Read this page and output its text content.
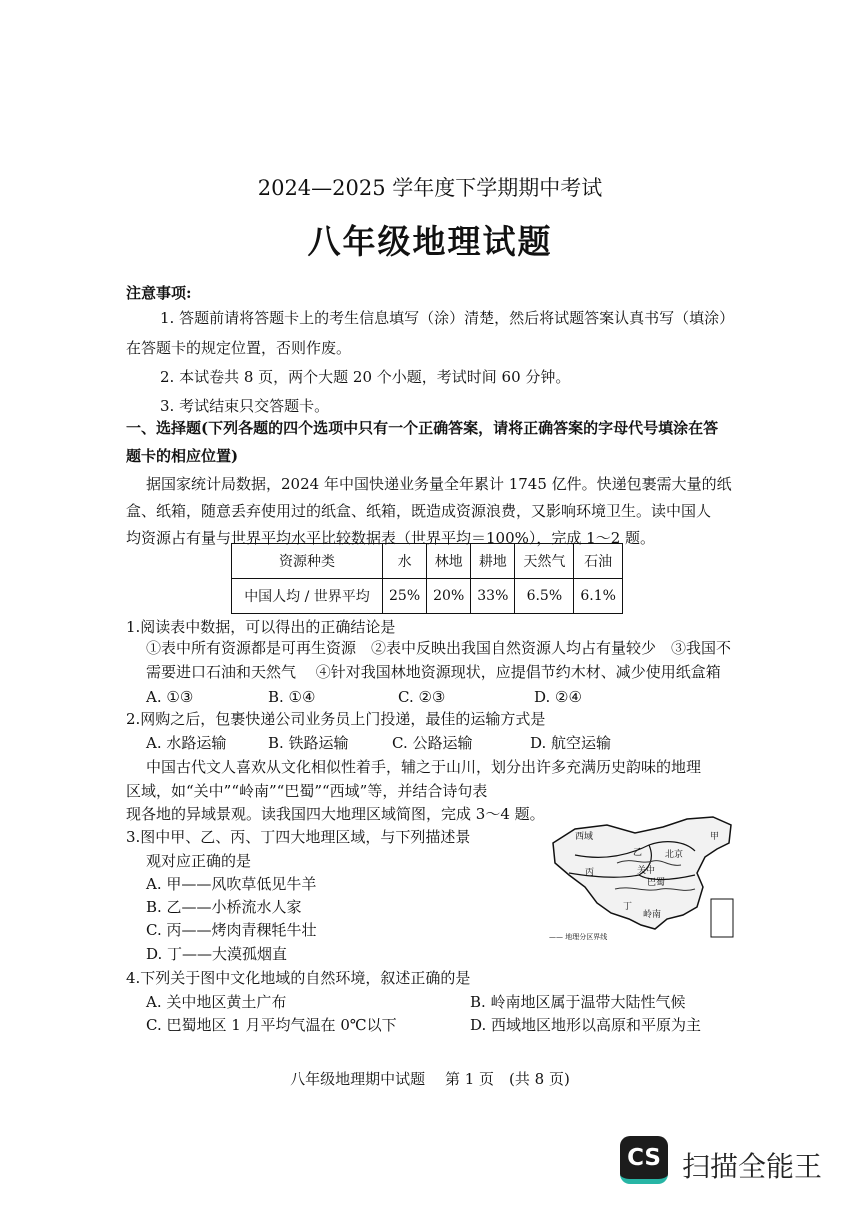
2024—2025 学年度下学期期中考试
八年级地理试题
注意事项:
1. 答题前请将答题卡上的考生信息填写（涂）清楚，然后将试题答案认真书写（填涂）
在答题卡的规定位置，否则作废。
2. 本试卷共 8 页，两个大题 20 个小题，考试时间 60 分钟。
3. 考试结束只交答题卡。
一、选择题(下列各题的四个选项中只有一个正确答案，请将正确答案的字母代号填涂在答
题卡的相应位置)
据国家统计局数据，2024 年中国快递业务量全年累计 1745 亿件。快递包裹需大量的纸
盒、纸箱，随意丢弃使用过的纸盒、纸箱，既造成资源浪费，又影响环境卫生。读中国人
均资源占有量与世界平均水平比较数据表（世界平均＝100%），完成 1～2 题。
资源种类	水	林地	耕地	天然气	石油
中国人均 / 世界平均	25%	20%	33%	6.5%	6.1%
1.阅读表中数据，可以得出的正确结论是
①表中所有资源都是可再生资源　②表中反映出我国自然资源人均占有量较少　③我国不
需要进口石油和天然气　 ④针对我国林地资源现状，应提倡节约木材、减少使用纸盒箱
A. ①③	B. ①④	C. ②③	D. ②④
2.网购之后，包裹快递公司业务员上门投递，最佳的运输方式是
A. 水路运输	B. 铁路运输	C. 公路运输	D. 航空运输
中国古代文人喜欢从文化相似性着手，辅之于山川，划分出许多充满历史韵味的地理
区域，如“关中”“岭南”“巴蜀”“西域”等，并结合诗句表
现各地的异域景观。读我国四大地理区域简图，完成 3～4 题。
3.图中甲、乙、丙、丁四大地理区域，与下列描述景
观对应正确的是
A. 甲——风吹草低见牛羊
B. 乙——小桥流水人家
C. 丙——烤肉青稞牦牛壮
D. 丁——大漠孤烟直
西域	甲
乙	北京
丙	关中
巴蜀
丁
岭南
—— 地理分区界线
4.下列关于图中文化地域的自然环境，叙述正确的是
A. 关中地区黄土广布	B. 岭南地区属于温带大陆性气候
C. 巴蜀地区 1 月平均气温在 0℃以下	D. 西域地区地形以高原和平原为主
八年级地理期中试题　 第 1 页　(共 8 页)
CS 扫描全能王
